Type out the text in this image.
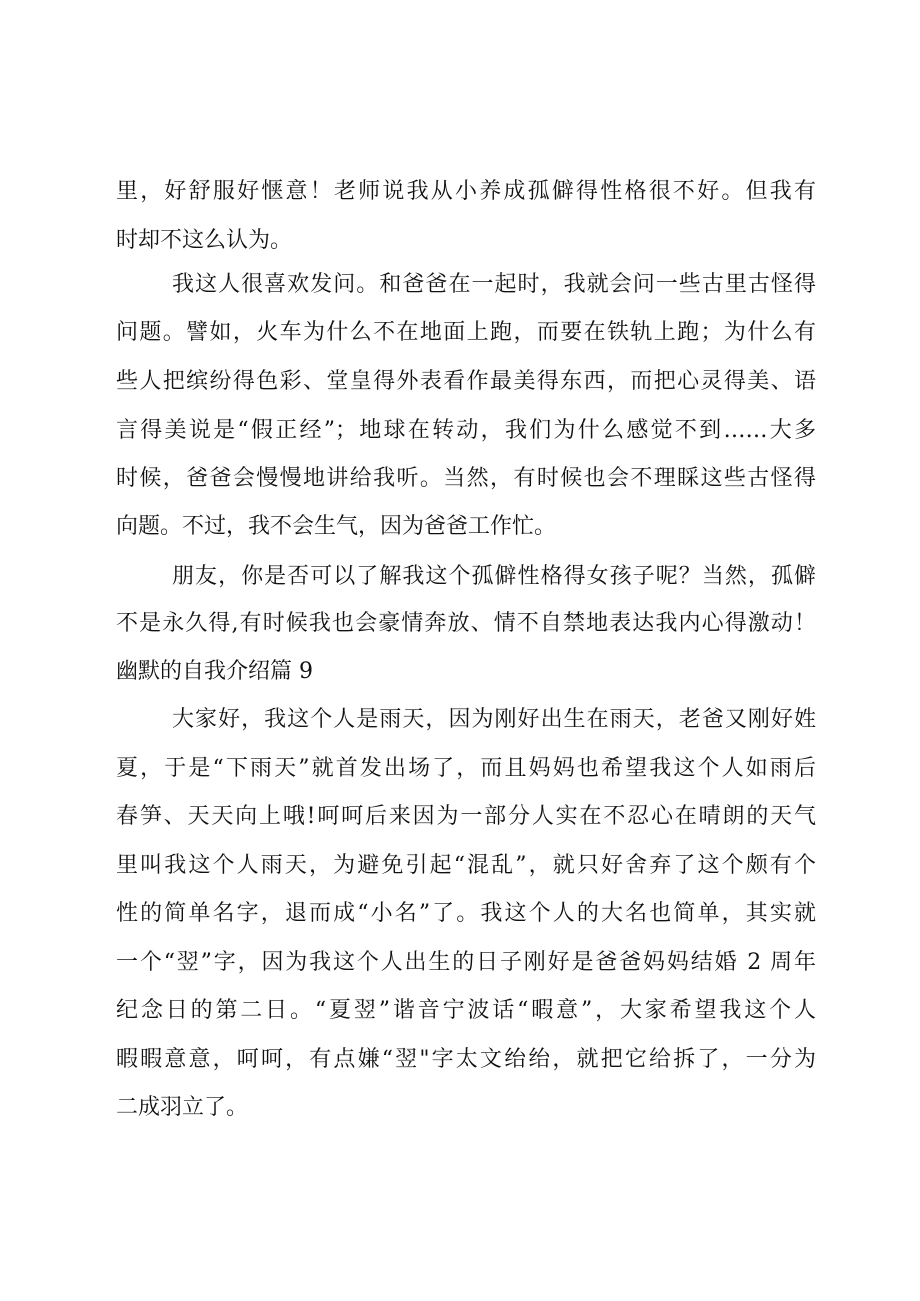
里，好舒服好惬意！老师说我从小养成孤僻得性格很不好。但我有
时却不这么认为。
我这人很喜欢发问。和爸爸在一起时，我就会问一些古里古怪得
问题。譬如，火车为什么不在地面上跑，而要在铁轨上跑；为什么有
些人把缤纷得色彩、堂皇得外表看作最美得东西，而把心灵得美、语
言得美说是“假正经”；地球在转动，我们为什么感觉不到……大多
时候，爸爸会慢慢地讲给我听。当然，有时候也会不理睬这些古怪得
向题。不过，我不会生气，因为爸爸工作忙。
朋友，你是否可以了解我这个孤僻性格得女孩子呢？当然，孤僻
不是永久得,有时候我也会豪情奔放、情不自禁地表达我内心得激动！
幽默的自我介绍篇 9
大家好，我这个人是雨天，因为刚好出生在雨天，老爸又刚好姓
夏，于是“下雨天”就首发出场了，而且妈妈也希望我这个人如雨后
春笋、天天向上哦!呵呵后来因为一部分人实在不忍心在晴朗的天气
里叫我这个人雨天，为避免引起“混乱”，就只好舍弃了这个颇有个
性的简单名字，退而成“小名”了。我这个人的大名也简单，其实就
一个“翌”字，因为我这个人出生的日子刚好是爸爸妈妈结婚 2 周年
纪念日的第二日。“夏翌”谐音宁波话“暇意”，大家希望我这个人
暇暇意意，呵呵，有点嫌“翌"字太文绐绐，就把它给拆了，一分为
二成羽立了。
